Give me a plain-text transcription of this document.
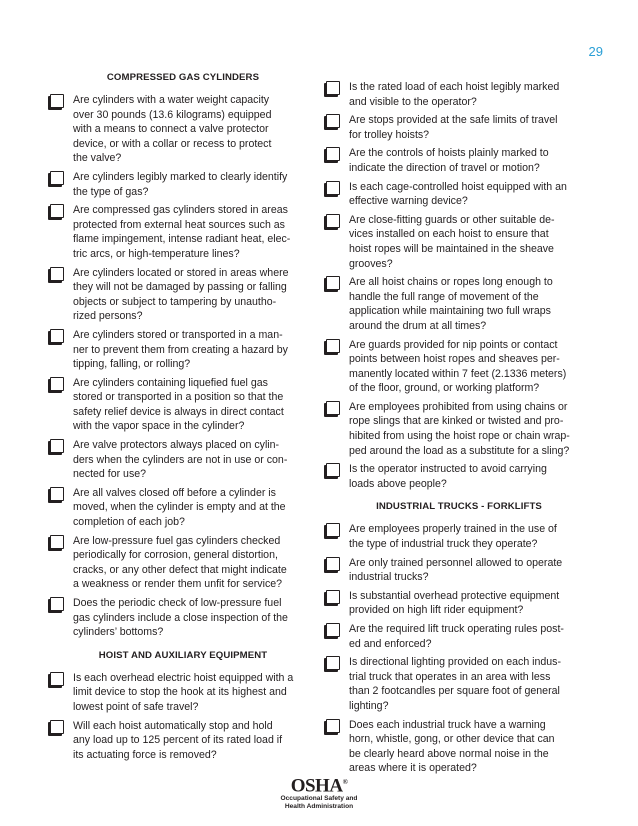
29
COMPRESSED GAS CYLINDERS

Are cylinders with a water weight capacity
over 30 pounds (13.6 kilograms) equipped
with a means to connect a valve protector
device, or with a collar or recess to protect
the valve?

Are cylinders legibly marked to clearly identify
the type of gas?

Are compressed gas cylinders stored in areas
protected from external heat sources such as
flame impingement, intense radiant heat, elec-
tric arcs, or high-temperature lines?

Are cylinders located or stored in areas where
they will not be damaged by passing or falling
objects or subject to tampering by unautho-
rized persons?

Are cylinders stored or transported in a man-
ner to prevent them from creating a hazard by
tipping, falling, or rolling?

Are cylinders containing liquefied fuel gas
stored or transported in a position so that the
safety relief device is always in direct contact
with the vapor space in the cylinder?

Are valve protectors always placed on cylin-
ders when the cylinders are not in use or con-
nected for use?

Are all valves closed off before a cylinder is
moved, when the cylinder is empty and at the
completion of each job?

Are low-pressure fuel gas cylinders checked
periodically for corrosion, general distortion,
cracks, or any other defect that might indicate
a weakness or render them unfit for service?

Does the periodic check of low-pressure fuel
gas cylinders include a close inspection of the
cylinders’ bottoms?

HOIST AND AUXILIARY EQUIPMENT

Is each overhead electric hoist equipped with a
limit device to stop the hook at its highest and
lowest point of safe travel?

Will each hoist automatically stop and hold
any load up to 125 percent of its rated load if
its actuating force is removed?

Is the rated load of each hoist legibly marked
and visible to the operator?

Are stops provided at the safe limits of travel
for trolley hoists?

Are the controls of hoists plainly marked to
indicate the direction of travel or motion?

Is each cage-controlled hoist equipped with an
effective warning device?

Are close-fitting guards or other suitable de-
vices installed on each hoist to ensure that
hoist ropes will be maintained in the sheave
grooves?

Are all hoist chains or ropes long enough to
handle the full range of movement of the
application while maintaining two full wraps
around the drum at all times?

Are guards provided for nip points or contact
points between hoist ropes and sheaves per-
manently located within 7 feet (2.1336 meters)
of the floor, ground, or working platform?

Are employees prohibited from using chains or
rope slings that are kinked or twisted and pro-
hibited from using the hoist rope or chain wrap-
ped around the load as a substitute for a sling?

Is the operator instructed to avoid carrying
loads above people?

INDUSTRIAL TRUCKS - FORKLIFTS

Are employees properly trained in the use of
the type of industrial truck they operate?

Are only trained personnel allowed to operate
industrial trucks?

Is substantial overhead protective equipment
provided on high lift rider equipment?

Are the required lift truck operating rules post-
ed and enforced?

Is directional lighting provided on each indus-
trial truck that operates in an area with less
than 2 footcandles per square foot of general
lighting?

Does each industrial truck have a warning
horn, whistle, gong, or other device that can
be clearly heard above normal noise in the
areas where it is operated?

OSHA®
Occupational Safety and
Health Administration
